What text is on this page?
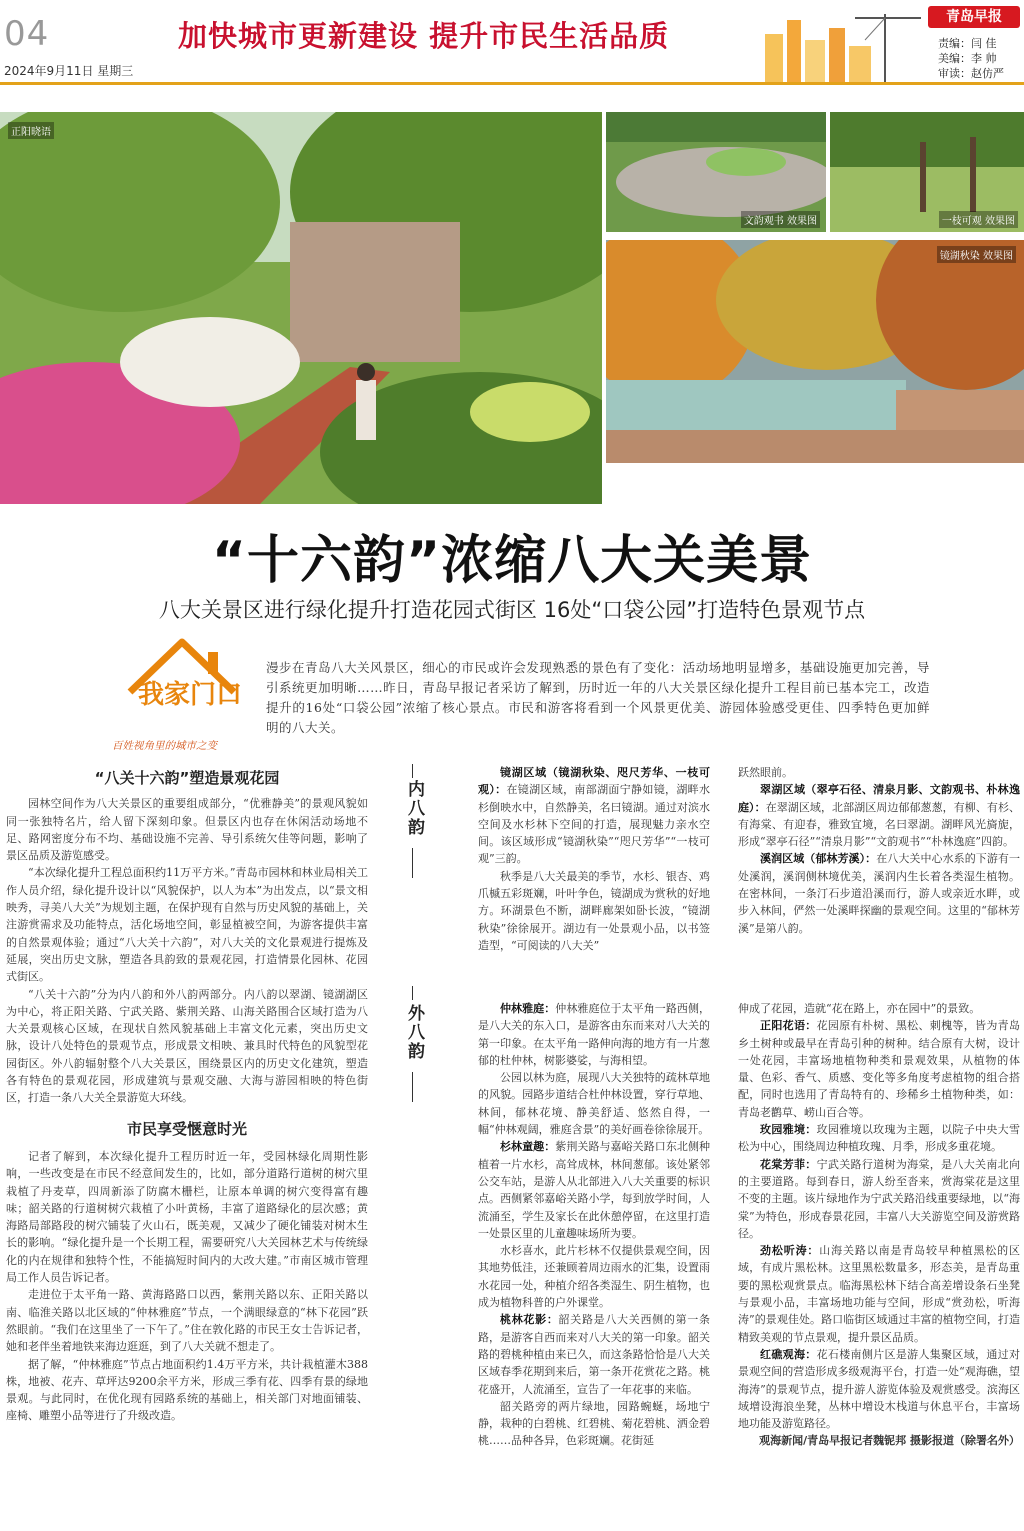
04
2024年9月11日 星期三
加快城市更新建设 提升市民生活品质
青岛早报
责编：闫 佳
美编：李 帅
审读：赵仿严
正阳晓语
文韵观书 效果图	一枝可观 效果图
镜湖秋染 效果图
“十六韵”浓缩八大关美景
八大关景区进行绿化提升打造花园式街区 16处“口袋公园”打造特色景观节点
我家门口
百姓视角里的城市之变
漫步在青岛八大关风景区，细心的市民或许会发现熟悉的景色有了变化：活动场地明显增多，基础设施更加完善，导引系统更加明晰……昨日，青岛早报记者采访了解到，历时近一年的八大关景区绿化提升工程目前已基本完工，改造提升的16处“口袋公园”浓缩了核心景点。市民和游客将看到一个风景更优美、游园体验感受更佳、四季特色更加鲜明的八大关。
“八关十六韵”塑造景观花园

园林空间作为八大关景区的重要组成部分，“优雅静美”的景观风貌如同一张独特名片，给人留下深刻印象。但景区内也存在休闲活动场地不足、路网密度分布不均、基础设施不完善、导引系统欠佳等问题，影响了景区品质及游览感受。

“本次绿化提升工程总面积约11万平方米。”青岛市园林和林业局相关工作人员介绍，绿化提升设计以“风貌保护，以人为本”为出发点，以“景文相映秀，寻美八大关”为规划主题，在保护现有自然与历史风貌的基础上，关注游赏需求及功能特点，活化场地空间，彰显植被空间，为游客提供丰富的自然景观体验；通过“八大关十六韵”，对八大关的文化景观进行提炼及延展，突出历史文脉，塑造各具韵致的景观花园，打造情景化园林、花园式街区。

“八关十六韵”分为内八韵和外八韵两部分。内八韵以翠湖、镜湖湖区为中心，将正阳关路、宁武关路、紫荆关路、山海关路围合区域打造为八大关景观核心区域，在现状自然风貌基础上丰富文化元素，突出历史文脉，设计八处特色的景观节点，形成景文相映、兼具时代特色的风貌型花园街区。外八韵辐射整个八大关景区，围绕景区内的历史文化建筑，塑造各有特色的景观花园，形成建筑与景观交融、大海与游园相映的特色街区，打造一条八大关全景游览大环线。

市民享受惬意时光

记者了解到，本次绿化提升工程历时近一年，受园林绿化周期性影响，一些改变是在市民不经意间发生的，比如，部分道路行道树的树穴里栽植了丹麦草，四周新添了防腐木栅栏，让原本单调的树穴变得富有趣味；韶关路的行道树树穴栽植了小叶黄杨，丰富了道路绿化的层次感；黄海路局部路段的树穴铺装了火山石，既美观，又减少了硬化铺装对树木生长的影响。“绿化提升是一个长期工程，需要研究八大关园林艺术与传统绿化的内在规律和独特个性，不能搞短时间内的大改大建。”市南区城市管理局工作人员告诉记者。

走进位于太平角一路、黄海路路口以西，紫荆关路以东、正阳关路以南、临淮关路以北区域的“仲林雅庭”节点，一个满眼绿意的“林下花园”跃然眼前。“我们在这里坐了一下午了。”住在敦化路的市民王女士告诉记者，她和老伴坐着地铁来海边逛逛，到了八大关就不想走了。

据了解，“仲林雅庭”节点占地面积约1.4万平方米，共计栽植灌木388株，地被、花卉、草坪达9200余平方米，形成三季有花、四季有景的绿地景观。与此同时，在优化现有园路系统的基础上，相关部门对地面铺装、座椅、雕塑小品等进行了升级改造。

内八韵
外八韵

镜湖区域（镜湖秋染、咫尺芳华、一枝可观）：在镜湖区域，南部湖面宁静如镜，湖畔水杉倒映水中，自然静美，名曰镜湖。通过对滨水空间及水杉林下空间的打造，展现魅力亲水空间。该区域形成“镜湖秋染”“咫尺芳华”“一枝可观”三韵。

秋季是八大关最美的季节，水杉、银杏、鸡爪槭五彩斑斓，叶叶争色，镜湖成为赏秋的好地方。环湖景色不断，湖畔廊架如卧长波，“镜湖秋染”徐徐展开。湖边有一处景观小品，以书签造型，“可阅读的八大关”

跃然眼前。

翠湖区域（翠亭石径、清泉月影、文韵观书、朴林逸庭）：在翠湖区域，北部湖区周边郁郁葱葱，有柳、有杉、有海棠、有迎春，雅致宜境，名曰翠湖。湖畔风光旖旎，形成“翠亭石径”“清泉月影”“文韵观书”“朴林逸庭”四韵。

溪润区域（郁林芳溪）：在八大关中心水系的下游有一处溪润，溪润侧林境优美，溪润内生长着各类湿生植物。在密林间，一条汀石步道沿溪而行，游人或亲近水畔，或步入林间，俨然一处溪畔探幽的景观空间。这里的“郁林芳溪”是第八韵。

仲林雅庭：仲林雅庭位于太平角一路西侧，是八大关的东入口，是游客由东而来对八大关的第一印象。在太平角一路伸向海的地方有一片葱郁的杜仲林，树影婆娑，与海相望。

公园以林为庭，展现八大关独特的疏林草地的风貌。园路步道结合杜仲林设置，穿行草地、林间，郁林花境、静美舒适、悠然自得，一幅“仲林观阔，雅庭含景”的美好画卷徐徐展开。

杉林童趣：紫荆关路与嘉峪关路口东北侧种植着一片水杉，高耸成林，林间葱郁。该处紧邻公交车站，是游人从北部进入八大关重要的标识点。西侧紧邻嘉峪关路小学，每到放学时间，人流涌至，学生及家长在此休憩停留，在这里打造一处景区里的儿童趣味场所为要。

水杉喜水，此片杉林不仅提供景观空间，因其地势低洼，还兼顾着周边雨水的汇集，设置雨水花园一处，种植介绍各类湿生、阴生植物，也成为植物科普的户外课堂。

桃林花影：韶关路是八大关西侧的第一条路，是游客自西而来对八大关的第一印象。韶关路的碧桃种植由来已久，而这条路恰恰是八大关区域春季花期到来后，第一条开花赏花之路。桃花盛开，人流涌至，宣告了一年花事的来临。

韶关路旁的两片绿地，园路蜿蜒，场地宁静，栽种的白碧桃、红碧桃、菊花碧桃、洒金碧桃……品种各异，色彩斑斓。花街延

伸成了花园，造就“花在路上，亦在园中”的景致。

正阳花语：花园原有朴树、黑松、刺槐等，皆为青岛乡土树种或最早在青岛引种的树种。结合原有大树，设计一处花园，丰富场地植物种类和景观效果，从植物的体量、色彩、香气、质感、变化等多角度考虑植物的组合搭配，同时也选用了青岛特有的、珍稀乡土植物种类，如：青岛老鹳草、崂山百合等。

玫园雅境：玫园雅境以玫瑰为主题，以院子中央大雪松为中心，围绕周边种植玫瑰、月季，形成多重花境。

花棠芳菲：宁武关路行道树为海棠，是八大关南北向的主要道路。每到春日，游人纷至沓来，赏海棠花是这里不变的主题。该片绿地作为宁武关路沿线重要绿地，以“海棠”为特色，形成春景花园，丰富八大关游览空间及游赏路径。

劲松听涛：山海关路以南是青岛较早种植黑松的区域，有成片黑松林。这里黑松数量多，形态美，是青岛重要的黑松观赏景点。临海黑松林下结合高差增设条石坐凳与景观小品，丰富场地功能与空间，形成“赏劲松，听海涛”的景观佳处。路口临街区域通过丰富的植物空间，打造精致美观的节点景观，提升景区品质。

红礁观海：花石楼南侧片区是游人集聚区域，通过对景观空间的营造形成多级观海平台，打造一处“观海礁，望海涛”的景观节点，提升游人游览体验及观赏感受。滨海区域增设海浪坐凳，丛林中增设木栈道与休息平台，丰富场地功能及游览路径。

观海新闻/青岛早报记者魏铌邦 摄影报道（除署名外）
